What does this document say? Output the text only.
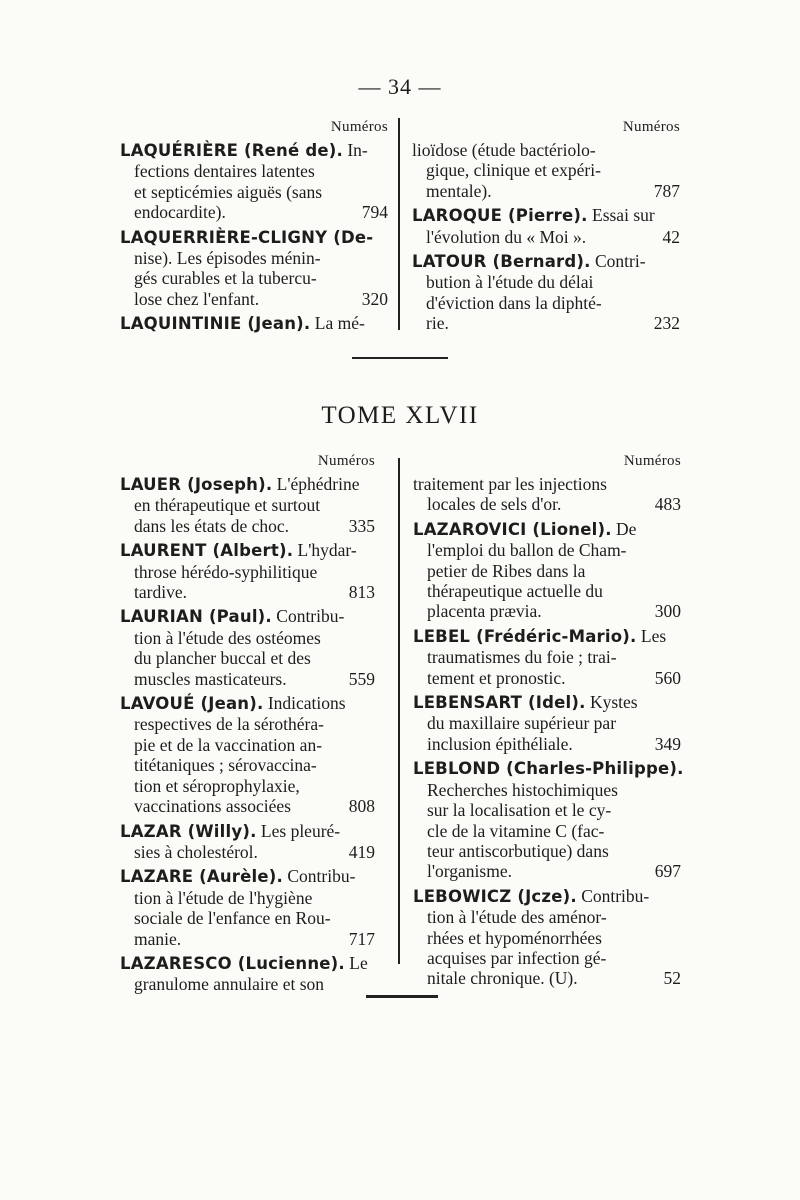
— 34 —
Numéros
LAQUÉRIÈRE (René de). In-
fections dentaires latentes
et septicémies aiguës (sans
endocardite).	794
LAQUERRIÈRE-CLIGNY (De-
nise). Les épisodes ménin-
gés curables et la tubercu-
lose chez l'enfant.	320
LAQUINTINIE (Jean). La mé-
Numéros
lioïdose (étude bactériolo-
gique, clinique et expéri-
mentale).	787
LAROQUE (Pierre). Essai sur
l'évolution du « Moi ».	42
LATOUR (Bernard). Contri-
bution à l'étude du délai
d'éviction dans la diphté-
rie.	232
TOME XLVII
Numéros
LAUER (Joseph). L'éphédrine
en thérapeutique et surtout
dans les états de choc.	335
LAURENT (Albert). L'hydar-
throse hérédo-syphilitique
tardive.	813
LAURIAN (Paul). Contribu-
tion à l'étude des ostéomes
du plancher buccal et des
muscles masticateurs.	559
LAVOUÉ (Jean). Indications
respectives de la sérothéra-
pie et de la vaccination an-
titétaniques ; sérovaccina-
tion et séroprophylaxie,
vaccinations associées	808
LAZAR (Willy). Les pleuré-
sies à cholestérol.	419
LAZARE (Aurèle). Contribu-
tion à l'étude de l'hygiène
sociale de l'enfance en Rou-
manie.	717
LAZARESCO (Lucienne). Le
granulome annulaire et son
Numéros
traitement par les injections
locales de sels d'or.	483
LAZAROVICI (Lionel). De
l'emploi du ballon de Cham-
petier de Ribes dans la
thérapeutique actuelle du
placenta prævia.	300
LEBEL (Frédéric-Mario). Les
traumatismes du foie ; trai-
tement et pronostic.	560
LEBENSART (Idel). Kystes
du maxillaire supérieur par
inclusion épithéliale.	349
LEBLOND (Charles-Philippe).
Recherches histochimiques
sur la localisation et le cy-
cle de la vitamine C (fac-
teur antiscorbutique) dans
l'organisme.	697
LEBOWICZ (Jcze). Contribu-
tion à l'étude des aménor-
rhées et hypoménorrhées
acquises par infection gé-
nitale chronique. (U).	52
